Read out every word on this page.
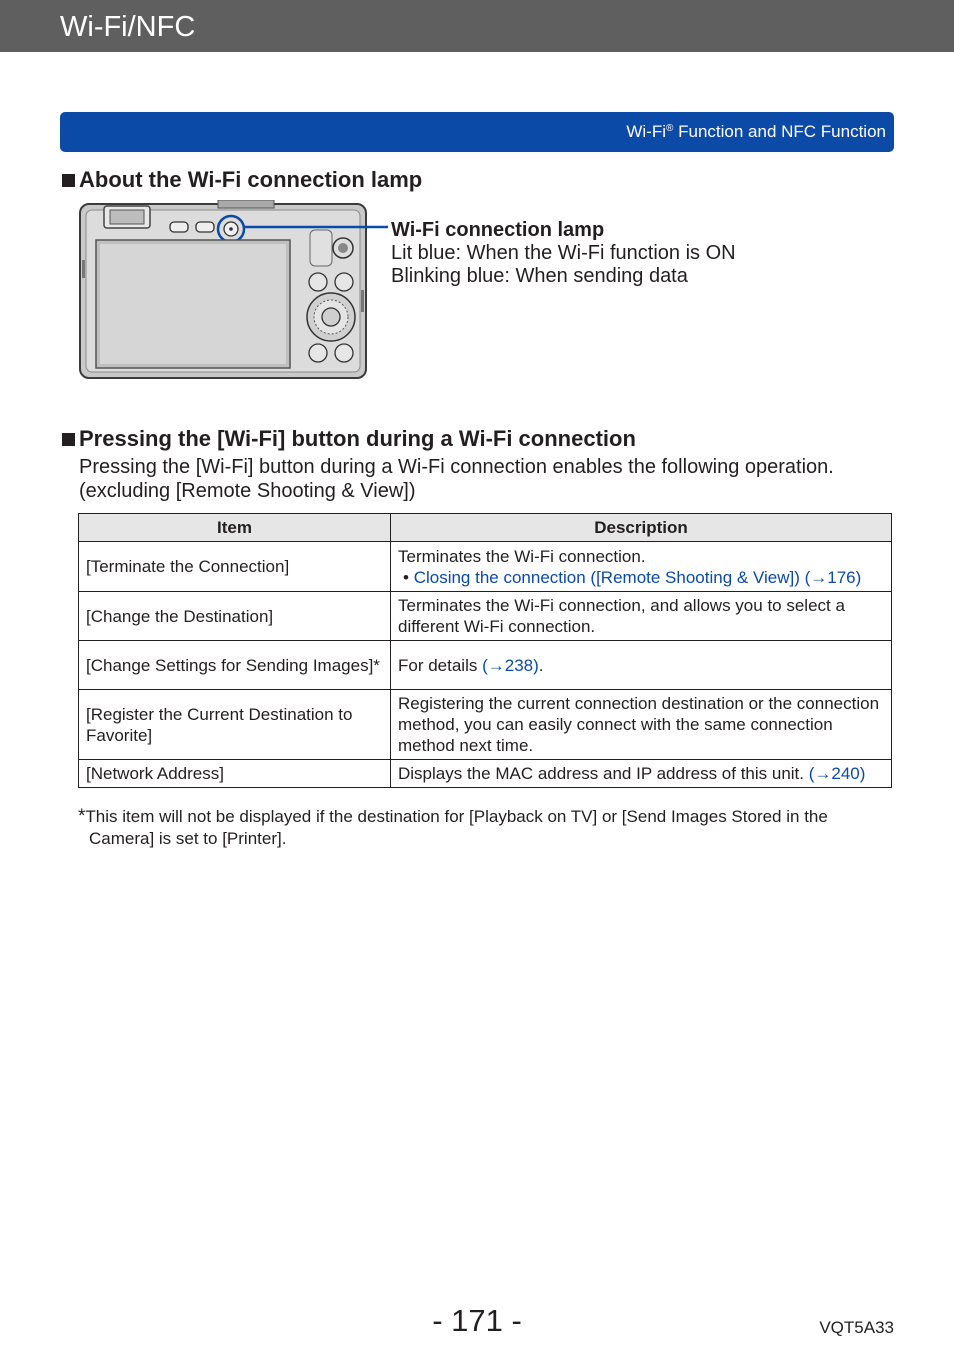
Wi-Fi/NFC
Wi-Fi® Function and NFC Function
About the Wi-Fi connection lamp
Wi-Fi connection lamp
Lit blue: When the Wi-Fi function is ON
Blinking blue: When sending data
Pressing the [Wi-Fi] button during a Wi-Fi connection
Pressing the [Wi-Fi] button during a Wi-Fi connection enables the following operation.
(excluding [Remote Shooting & View])
Item	Description
[Terminate the Connection]	Terminates the Wi-Fi connection.
• Closing the connection ([Remote Shooting & View]) (→176)

[Change the Destination]	Terminates the Wi-Fi connection, and allows you to select a different Wi-Fi connection.
[Change Settings for Sending Images]*	For details (→238).
[Register the Current Destination to Favorite]	Registering the current connection destination or the connection method, you can easily connect with the same connection method next time.
[Network Address]	Displays the MAC address and IP address of this unit. (→240)
*This item will not be displayed if the destination for [Playback on TV] or [Send Images Stored in the
Camera] is set to [Printer].
- 171 -	VQT5A33
